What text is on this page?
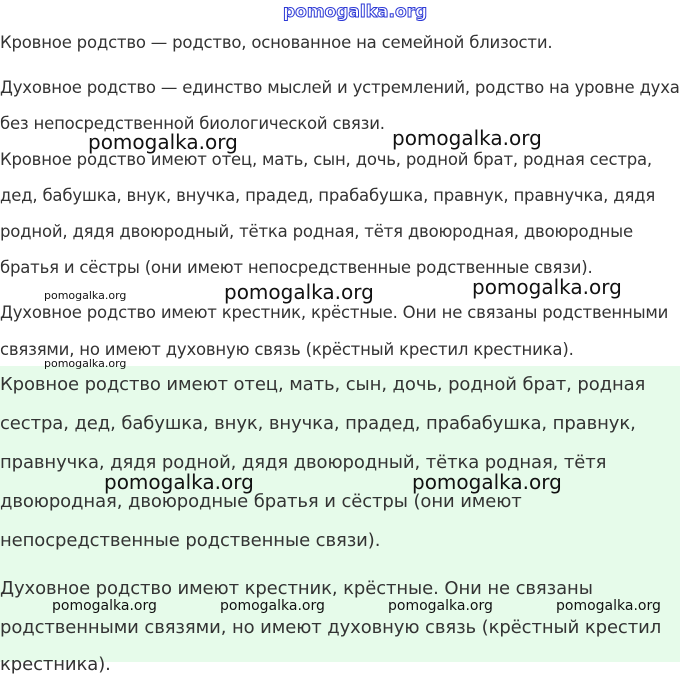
pomogalka.org
Кровное родство — родство, основанное на семейной близости.
Духовное родство — единство мыслей и устремлений, родство на уровне духа
без непосредственной биологической связи.
Кровное родство имеют отец, мать, сын, дочь, родной брат, родная сестра,
дед, бабушка, внук, внучка, прадед, прабабушка, правнук, правнучка, дядя
родной, дядя двоюродный, тётка родная, тётя двоюродная, двоюродные
братья и сёстры (они имеют непосредственные родственные связи).
Духовное родство имеют крестник, крёстные. Они не связаны родственными
связями, но имеют духовную связь (крёстный крестил крестника).
Кровное родство имеют отец, мать, сын, дочь, родной брат, родная
сестра, дед, бабушка, внук, внучка, прадед, прабабушка, правнук,
правнучка, дядя родной, дядя двоюродный, тётка родная, тётя
двоюродная, двоюродные братья и сёстры (они имеют
непосредственные родственные связи).
Духовное родство имеют крестник, крёстные. Они не связаны
родственными связями, но имеют духовную связь (крёстный крестил
крестника).
pomogalka.org	pomogalka.org
pomogalka.org	pomogalka.org	pomogalka.org
pomogalka.org
pomogalka.org	pomogalka.org
pomogalka.org	pomogalka.org	pomogalka.org	pomogalka.org
